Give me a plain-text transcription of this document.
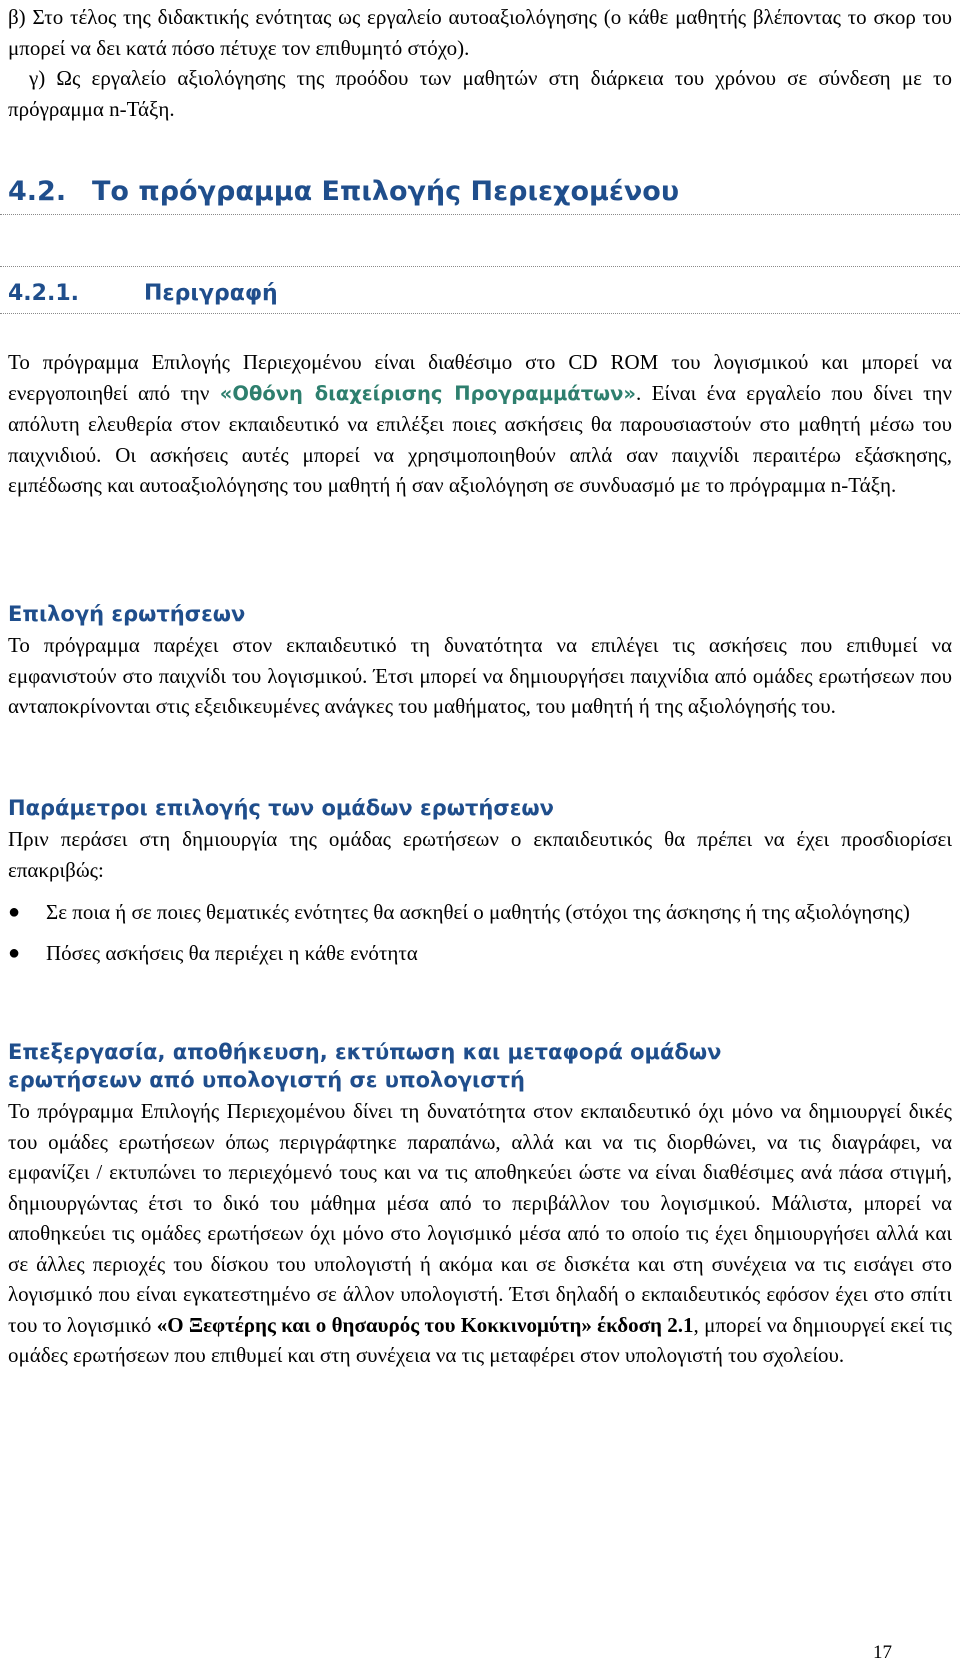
β) Στο τέλος της διδακτικής ενότητας ως εργαλείο αυτοαξιολόγησης (ο κάθε μαθητής βλέποντας το σκορ του μπορεί να δει κατά πόσο πέτυχε τον επιθυμητό στόχο).
γ) Ως εργαλείο αξιολόγησης της προόδου των μαθητών στη διάρκεια του χρόνου σε σύνδεση με το πρόγραμμα n-Τάξη.
4.2. Το πρόγραμμα Επιλογής Περιεχομένου
4.2.1.	Περιγραφή

Το πρόγραμμα Επιλογής Περιεχομένου είναι διαθέσιμο στο CD ROM του λογισμικού και μπορεί να ενεργοποιηθεί από την «Οθόνη διαχείρισης Προγραμμάτων». Είναι ένα εργαλείο που δίνει την απόλυτη ελευθερία στον εκπαιδευτικό να επιλέξει ποιες ασκήσεις θα παρουσιαστούν στο μαθητή μέσω του παιχνιδιού. Οι ασκήσεις αυτές μπορεί να χρησιμοποιηθούν απλά σαν παιχνίδι περαιτέρω εξάσκησης, εμπέδωσης και αυτοαξιολόγησης του μαθητή ή σαν αξιολόγηση σε συνδυασμό με το πρόγραμμα n-Τάξη.

Επιλογή ερωτήσεων

Το πρόγραμμα παρέχει στον εκπαιδευτικό τη δυνατότητα να επιλέγει τις ασκήσεις που επιθυμεί να εμφανιστούν στο παιχνίδι του λογισμικού. Έτσι μπορεί να δημιουργήσει παιχνίδια από ομάδες ερωτήσεων που ανταποκρίνονται στις εξειδικευμένες ανάγκες του μαθήματος, του μαθητή ή της αξιολόγησής του.

Παράμετροι επιλογής των ομάδων ερωτήσεων

Πριν περάσει στη δημιουργία της ομάδας ερωτήσεων ο εκπαιδευτικός θα πρέπει να έχει προσδιορίσει επακριβώς:

● Σε ποια ή σε ποιες θεματικές ενότητες θα ασκηθεί ο μαθητής (στόχοι της άσκησης ή της αξιολόγησης)
● Πόσες ασκήσεις θα περιέχει η κάθε ενότητα
Επεξεργασία, αποθήκευση, εκτύπωση και μεταφορά ομάδων ερωτήσεων από υπολογιστή σε υπολογιστή

Το πρόγραμμα Επιλογής Περιεχομένου δίνει τη δυνατότητα στον εκπαιδευτικό όχι μόνο να δημιουργεί δικές του ομάδες ερωτήσεων όπως περιγράφτηκε παραπάνω, αλλά και να τις διορθώνει, να τις διαγράφει, να εμφανίζει / εκτυπώνει το περιεχόμενό τους και να τις αποθηκεύει ώστε να είναι διαθέσιμες ανά πάσα στιγμή, δημιουργώντας έτσι το δικό του μάθημα μέσα από το περιβάλλον του λογισμικού. Μάλιστα, μπορεί να αποθηκεύει τις ομάδες ερωτήσεων όχι μόνο στο λογισμικό μέσα από το οποίο τις έχει δημιουργήσει αλλά και σε άλλες περιοχές του δίσκου του υπολογιστή ή ακόμα και σε δισκέτα και στη συνέχεια να τις εισάγει στο λογισμικό που είναι εγκατεστημένο σε άλλον υπολογιστή. Έτσι δηλαδή ο εκπαιδευτικός εφόσον έχει στο σπίτι του το λογισμικό «Ο Ξεφτέρης και ο θησαυρός του Κοκκινομύτη» έκδοση 2.1, μπορεί να δημιουργεί εκεί τις ομάδες ερωτήσεων που επιθυμεί και στη συνέχεια να τις μεταφέρει στον υπολογιστή του σχολείου.

17
